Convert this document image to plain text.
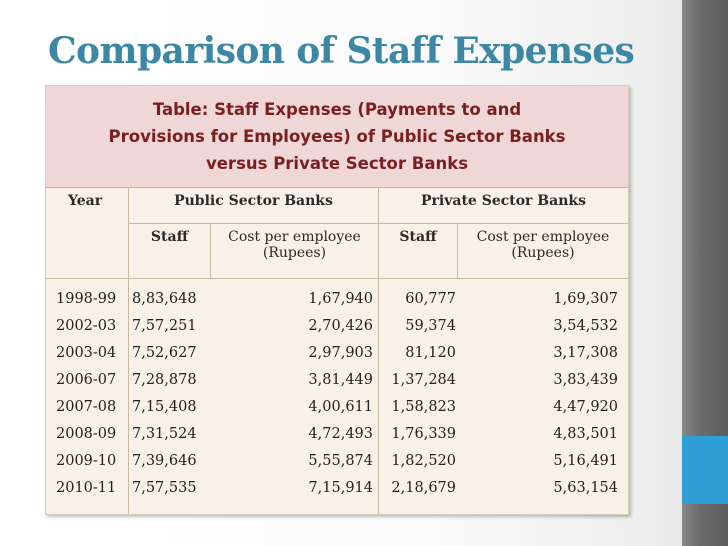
Comparison of Staff Expenses
Table: Staff Expenses (Payments to and
Provisions for Employees) of Public Sector Banks
versus Private Sector Banks
Year	Public Sector Banks	Private Sector Banks
Staff	Cost per employee
(Rupees)
Staff	Cost per employee
(Rupees)
1998-99	8,83,648	1,67,940	60,777	1,69,307
2002-03	7,57,251	2,70,426	59,374	3,54,532
2003-04	7,52,627	2,97,903	81,120	3,17,308
2006-07	7,28,878	3,81,449	1,37,284	3,83,439
2007-08	7,15,408	4,00,611	1,58,823	4,47,920
2008-09	7,31,524	4,72,493	1,76,339	4,83,501
2009-10	7,39,646	5,55,874	1,82,520	5,16,491
2010-11	7,57,535	7,15,914	2,18,679	5,63,154
